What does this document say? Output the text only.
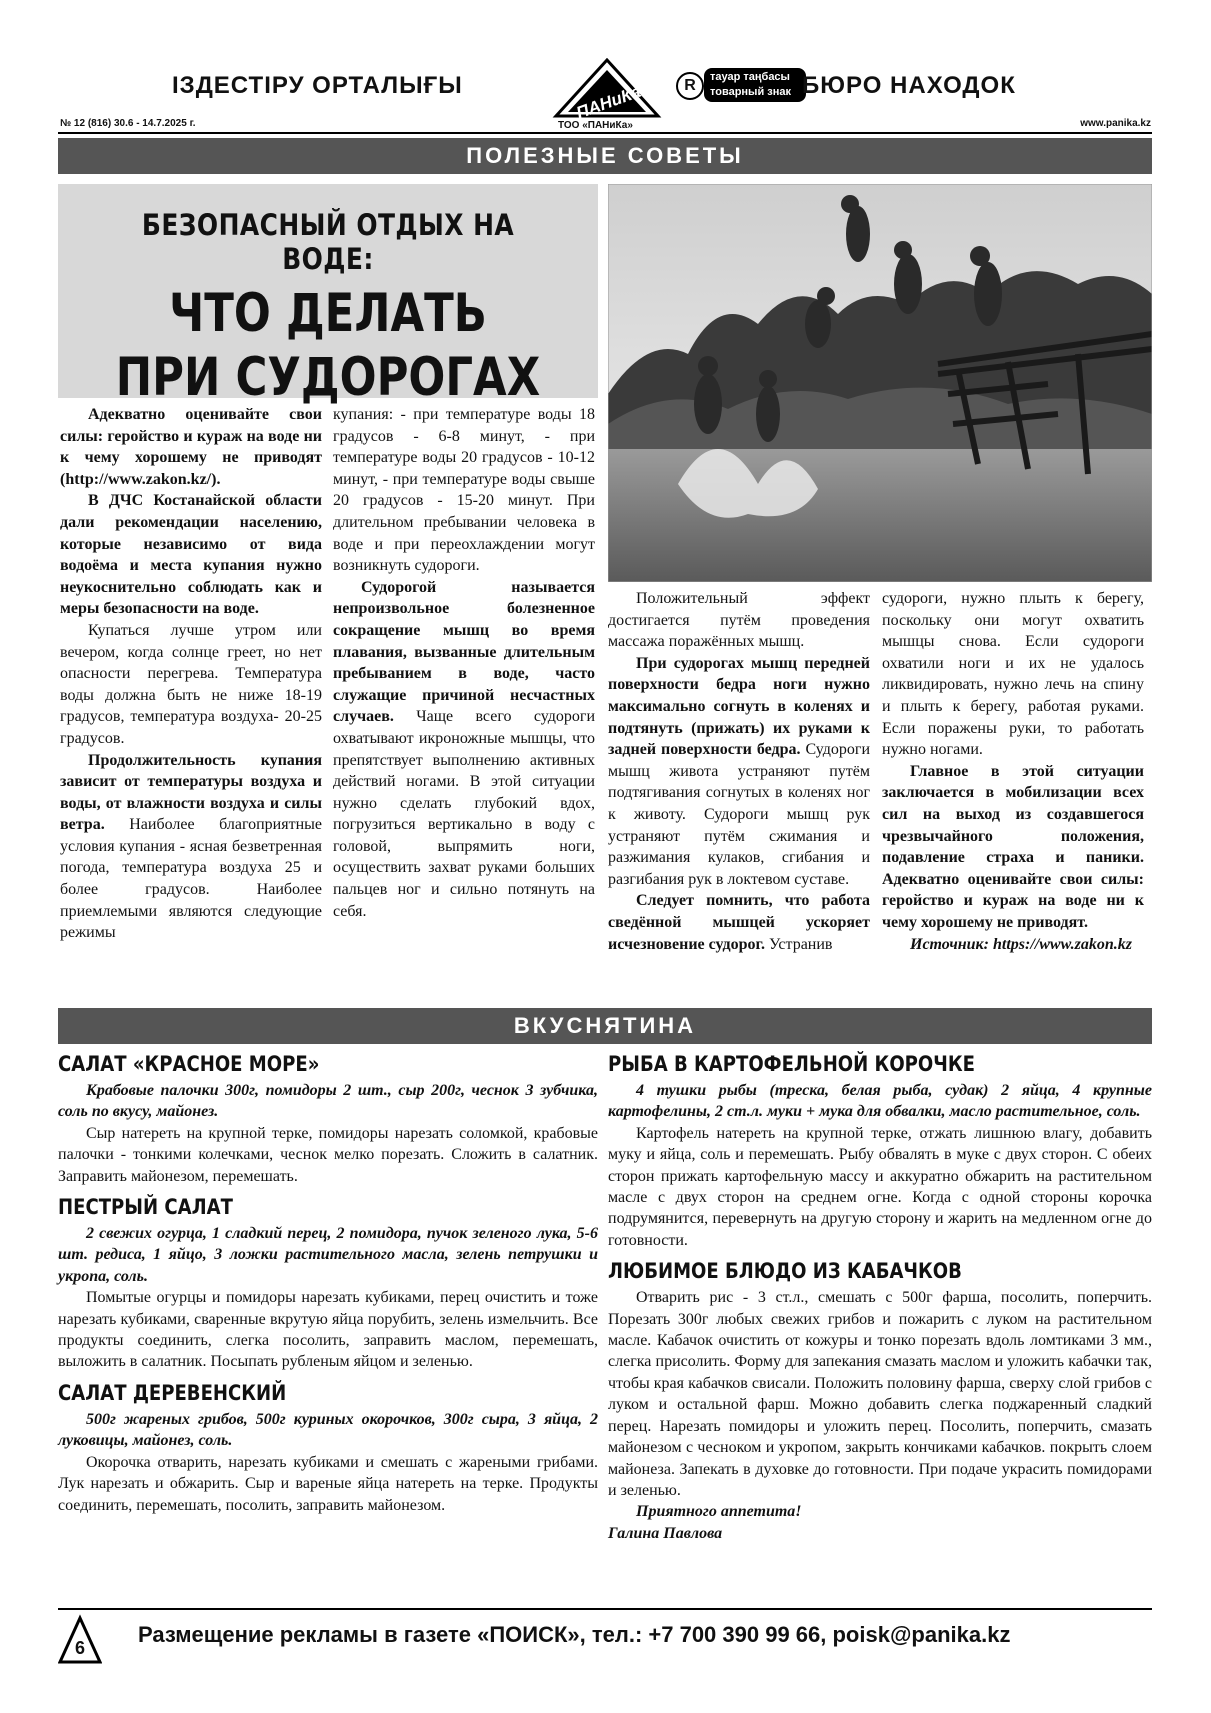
ІЗДЕСТІРУ ОРТАЛЫҒЫ	ПАНиКа
ТОО «ПАНиКа»
R	тауар таңбасы
товарный знак БЮРО НАХОДОК
№ 12 (816) 30.6 - 14.7.2025 г.	www.panika.kz
ПОЛЕЗНЫЕ СОВЕТЫ
БЕЗОПАСНЫЙ ОТДЫХ НА ВОДЕ:
ЧТО ДЕЛАТЬ
ПРИ СУДОРОГАХ

Адекватно оценивайте свои силы: геройство и кураж на воде ни к чему хорошему не приводят (http://www.zakon.kz/).

В ДЧС Костанайской области дали рекомендации населению, которые независимо от вида водоёма и места купания нужно неукоснительно соблюдать как и меры безопасности на воде.

Купаться лучше утром или вечером, когда солнце греет, но нет опасности перегрева. Температура воды должна быть не ниже 18-19 градусов, температура воздуха- 20-25 градусов.

Продолжительность купания зависит от температуры воздуха и воды, от влажности воздуха и силы ветра. Наиболее благоприятные условия купания - ясная безветренная погода, температура воздуха 25 и более градусов. Наиболее приемлемыми являются следующие режимы

купания: - при температуре воды 18 градусов - 6-8 минут, - при температуре воды 20 градусов - 10-12 минут, - при температуре воды свыше 20 градусов - 15-20 минут. При длительном пребывании человека в воде и при переохлаждении могут возникнуть судороги.

Судорогой называется непроизвольное болезненное сокращение мышц во время плавания, вызванные длительным пребыванием в воде, часто служащие причиной несчастных случаев. Чаще всего судороги охватывают икроножные мышцы, что препятствует выполнению активных действий ногами. В этой ситуации нужно сделать глубокий вдох, погрузиться вертикально в воду с головой, выпрямить ноги, осуществить захват руками больших пальцев ног и сильно потянуть на себя.

Положительный эффект достигается путём проведения массажа поражённых мышц.

При судорогах мышц передней поверхности бедра ноги нужно максимально согнуть в коленях и подтянуть (прижать) их руками к задней поверхности бедра. Судороги мышц живота устраняют путём подтягивания согнутых в коленях ног к животу. Судороги мышц рук устраняют путём сжимания и разжимания кулаков, сгибания и разгибания рук в локтевом суставе.

Следует помнить, что работа сведённой мышцей ускоряет исчезновение судорог. Устранив

судороги, нужно плыть к берегу, поскольку они могут охватить мышцы снова. Если судороги охватили ноги и их не удалось ликвидировать, нужно лечь на спину и плыть к берегу, работая руками. Если поражены руки, то работать нужно ногами.

Главное в этой ситуации заключается в мобилизации всех сил на выход из создавшегося чрезвычайного положения, подавление страха и паники. Адекватно оценивайте свои силы: геройство и кураж на воде ни к чему хорошему не приводят.

Источник: https://www.zakon.kz

ВКУСНЯТИНА
САЛАТ «КРАСНОЕ МОРЕ»

Крабовые палочки 300г, помидоры 2 шт., сыр 200г, чеснок 3 зубчика, соль по вкусу, майонез.

Сыр натереть на крупной терке, помидоры нарезать соломкой, крабовые палочки - тонкими колечками, чеснок мелко порезать. Сложить в салатник. Заправить майонезом, перемешать.

ПЕСТРЫЙ САЛАТ

2 свежих огурца, 1 сладкий перец, 2 помидора, пучок зеленого лука, 5-6 шт. редиса, 1 яйцо, 3 ложки растительного масла, зелень петрушки и укропа, соль.

Помытые огурцы и помидоры нарезать кубиками, перец очистить и тоже нарезать кубиками, сваренные вкрутую яйца порубить, зелень измельчить. Все продукты соединить, слегка посолить, заправить маслом, перемешать, выложить в салатник. Посыпать рубленым яйцом и зеленью.

САЛАТ ДЕРЕВЕНСКИЙ

500г жареных грибов, 500г куриных окорочков, 300г сыра, 3 яйца, 2 луковицы, майонез, соль.

Окорочка отварить, нарезать кубиками и смешать с жареными грибами. Лук нарезать и обжарить. Сыр и вареные яйца натереть на терке. Продукты соединить, перемешать, посолить, заправить майонезом.

РЫБА В КАРТОФЕЛЬНОЙ КОРОЧКЕ

4 тушки рыбы (треска, белая рыба, судак) 2 яйца, 4 крупные картофелины, 2 ст.л. муки + мука для обвалки, масло растительное, соль.

Картофель натереть на крупной терке, отжать лишнюю влагу, добавить муку и яйца, соль и перемешать. Рыбу обвалять в муке с двух сторон. С обеих сторон прижать картофельную массу и аккуратно обжарить на растительном масле с двух сторон на среднем огне. Когда с одной стороны корочка подрумянится, перевернуть на другую сторону и жарить на медленном огне до готовности.

ЛЮБИМОЕ БЛЮДО ИЗ КАБАЧКОВ

Отварить рис - 3 ст.л., смешать с 500г фарша, посолить, поперчить. Порезать 300г любых свежих грибов и пожарить с луком на растительном масле. Кабачок очистить от кожуры и тонко порезать вдоль ломтиками 3 мм., слегка присолить. Форму для запекания смазать маслом и уложить кабачки так, чтобы края кабачков свисали. Положить половину фарша, сверху слой грибов с луком и остальной фарш. Можно добавить слегка поджаренный сладкий перец. Нарезать помидоры и уложить перец. Посолить, поперчить, смазать майонезом с чесноком и укропом, закрыть кончиками кабачков. покрыть слоем майонеза. Запекать в духовке до готовности. При подаче украсить помидорами и зеленью.

Приятного аппетита!

Галина Павлова

6
Размещение рекламы в газете «ПОИСК», тел.: +7 700 390 99 66, poisk@panika.kz
